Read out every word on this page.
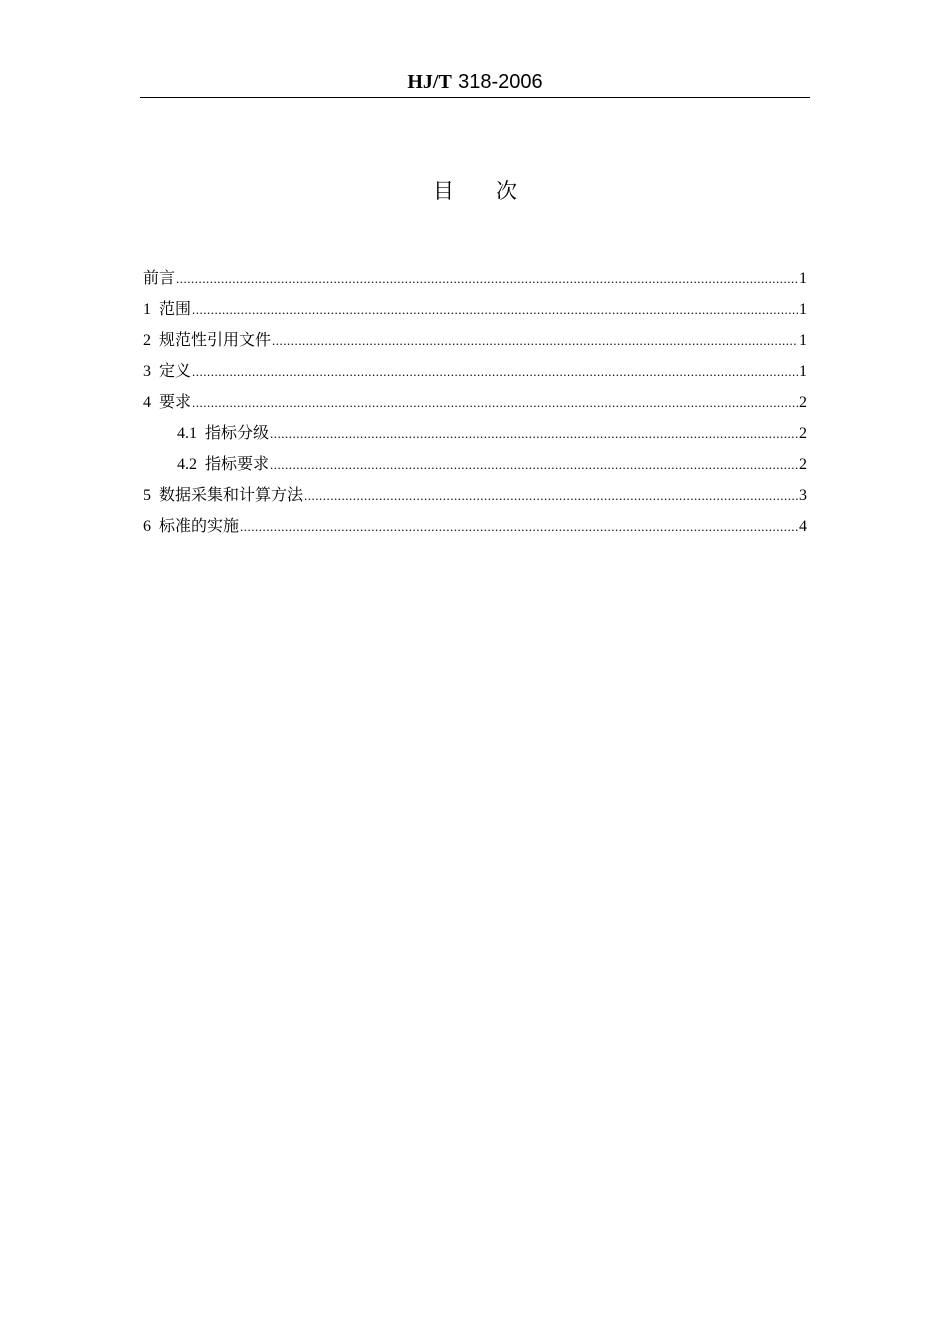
HJ/T 318-2006
目 次
前言 .....	1
1 范围 .....	1
2 规范性引用文件 .....	1
3 定义 .....	1
4 要求 .....	2
4.1 指标分级 .....	2
4.2 指标要求 .....	2
5 数据采集和计算方法 .....	3
6 标准的实施 .....	4
